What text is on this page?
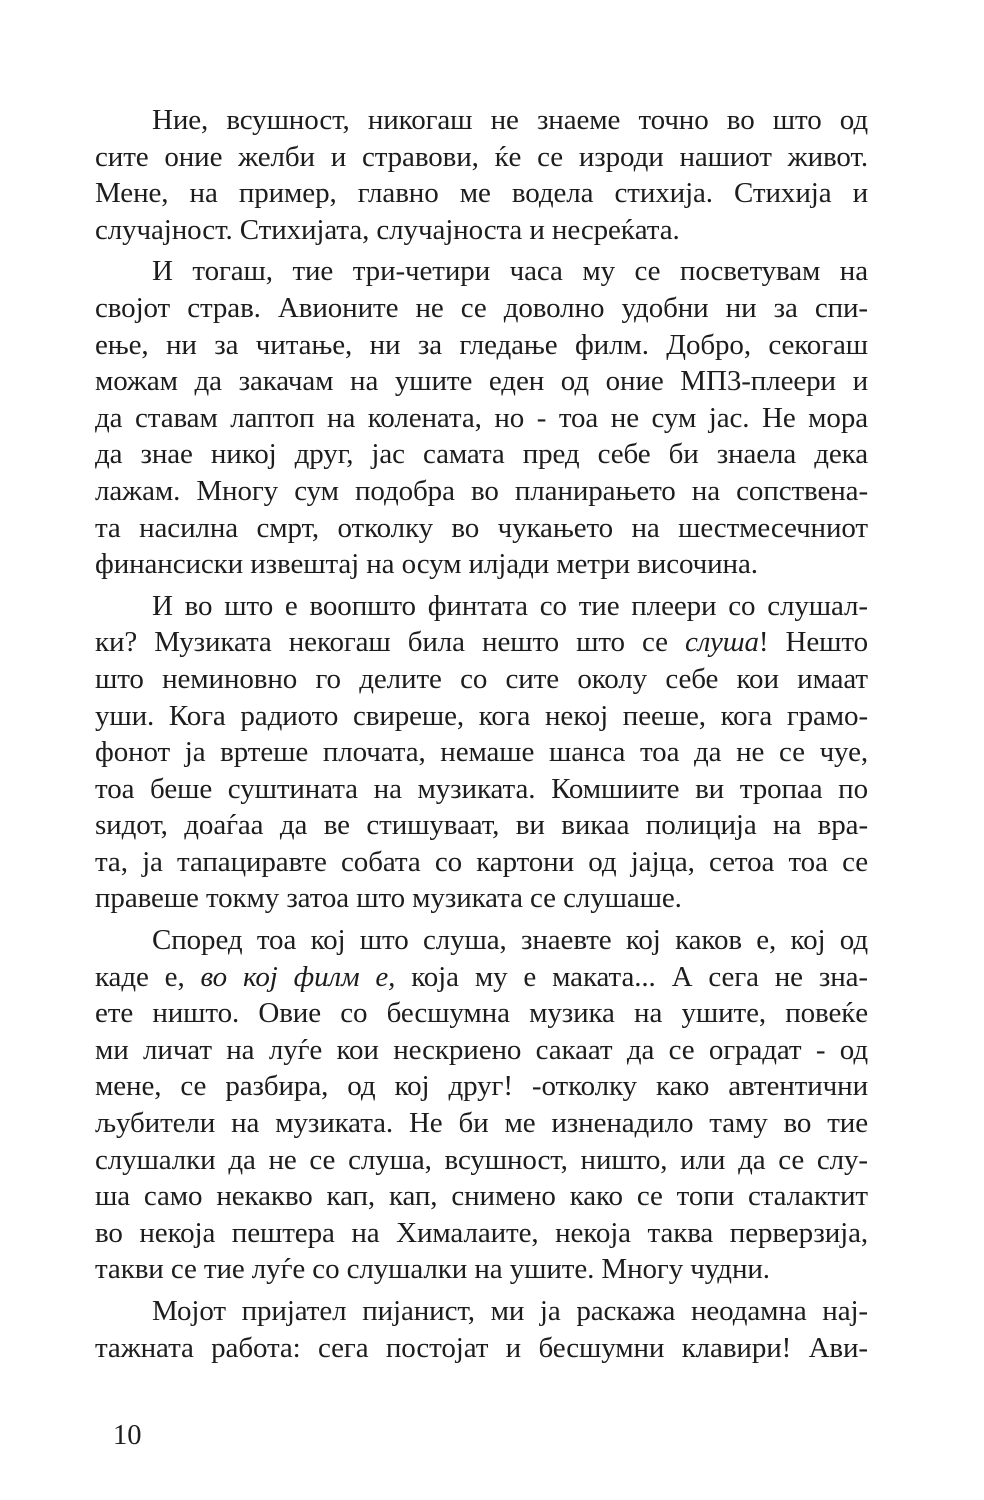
Ние, всушност, никогаш не знаеме точно во што од
сите оние желби и стравови, ќе се изроди нашиот живот.
Мене, на пример, главно ме водела стихија. Стихија и
случајност. Стихијата, случајноста и несреќата.
И тогаш, тие три-четири часа му се посветувам на
својот страв. Авионите не се доволно удобни ни за спи-
ење, ни за читање, ни за гледање филм. Добро, секогаш
можам да закачам на ушите еден од оние МП3-плеери и
да ставам лаптоп на колената, но - тоа не сум јас. Не мора
да знае никој друг, јас самата пред себе би знаела дека
лажам. Многу сум подобра во планирањето на сопствена-
та насилна смрт, отколку во чукањето на шестмесечниот
финансиски извештај на осум илјади метри височина.
И во што е воопшто финтата со тие плеери со слушал-
ки? Музиката некогаш била нешто што се слуша! Нешто
што неминовно го делите со сите околу себе кои имаат
уши. Кога радиото свиреше, кога некој пееше, кога грамо-
фонот ја вртеше плочата, немаше шанса тоа да не се чуе,
тоа беше суштината на музиката. Комшиите ви тропаа по
ѕидот, доаѓаа да ве стишуваат, ви викаа полиција на вра-
та, ја тапациравте собата со картони од јајца, сетоа тоа се
правеше токму затоа што музиката се слушаше.
Според тоа кој што слуша, знаевте кој каков е, кој од
каде е, во кој филм е, која му е маката... А сега не зна-
ете ништо. Овие со бесшумна музика на ушите, повеќе
ми личат на луѓе кои нескриено сакаат да се оградат - од
мене, се разбира, од кој друг! -отколку како автентични
љубители на музиката. Не би ме изненадило таму во тие
слушалки да не се слуша, всушност, ништо, или да се слу-
ша само некакво кап, кап, снимено како се топи сталактит
во некоја пештера на Хималаите, некоја таква перверзија,
такви се тие луѓе со слушалки на ушите. Многу чудни.
Мојот пријател пијанист, ми ја раскажа неодамна нај-
тажната работа: сега постојат и бесшумни клавири! Ави-
10
